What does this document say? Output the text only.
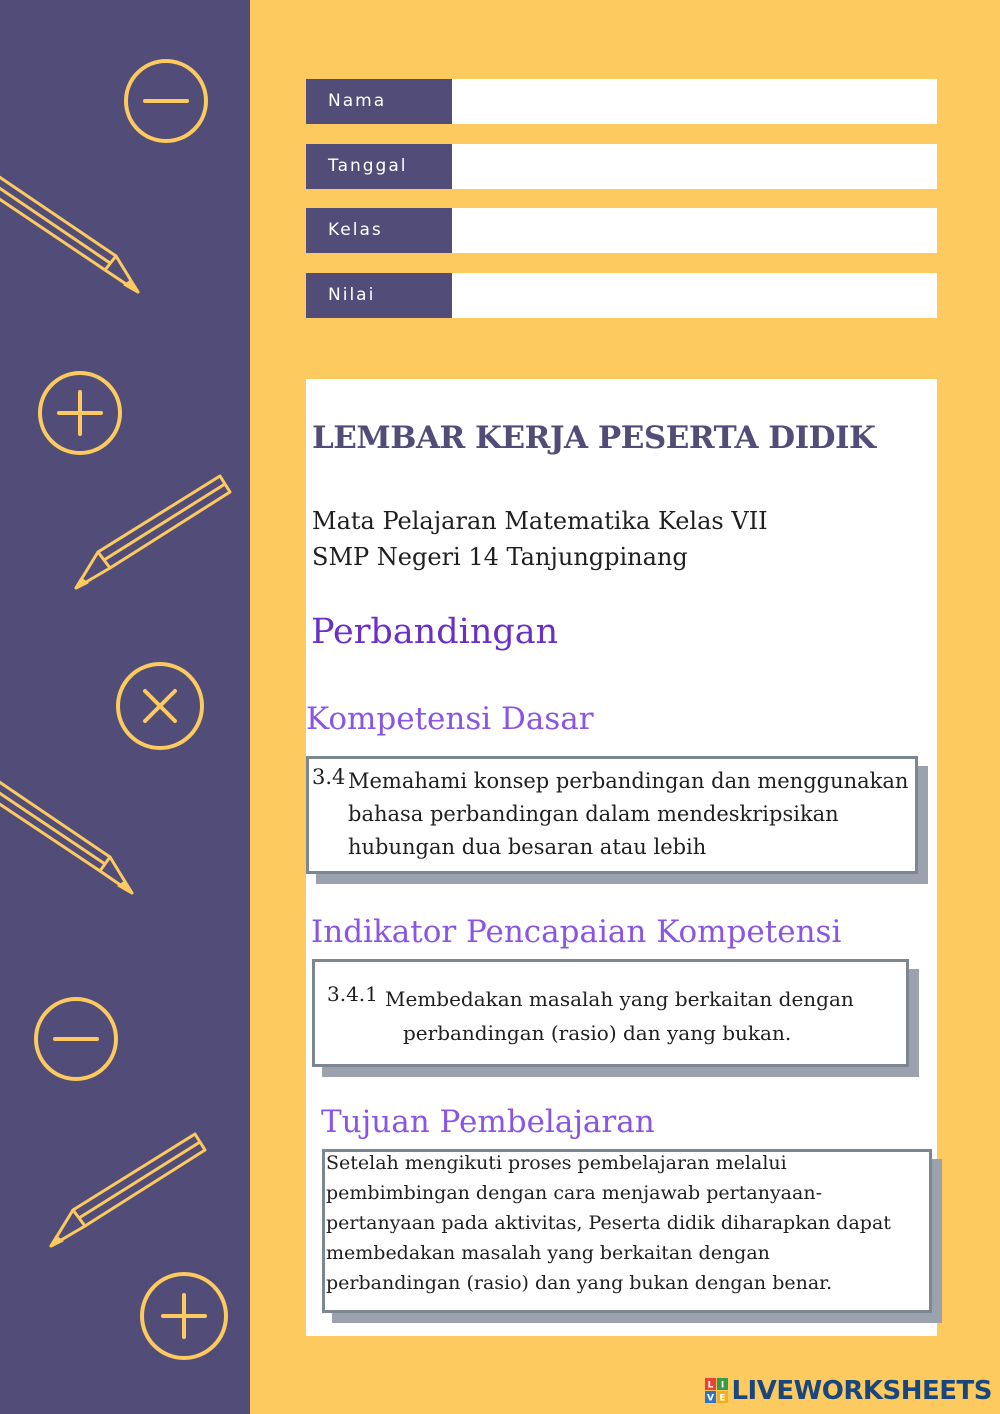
Nama
Tanggal
Kelas
Nilai
LEMBAR KERJA PESERTA DIDIK
Mata Pelajaran Matematika Kelas VII
SMP Negeri 14 Tanjungpinang
Perbandingan
Kompetensi Dasar
3.4 Memahami konsep perbandingan dan menggunakan
bahasa perbandingan dalam mendeskripsikan
hubungan dua besaran atau lebih
Indikator Pencapaian Kompetensi
3.4.1 Membedakan masalah yang berkaitan dengan
perbandingan (rasio) dan yang bukan.
Tujuan Pembelajaran
Setelah mengikuti proses pembelajaran melalui
pembimbingan dengan cara menjawab pertanyaan-
pertanyaan pada aktivitas, Peserta didik diharapkan dapat
membedakan masalah yang berkaitan dengan
perbandingan (rasio) dan yang bukan dengan benar.
L I
V E LIVEWORKSHEETS
